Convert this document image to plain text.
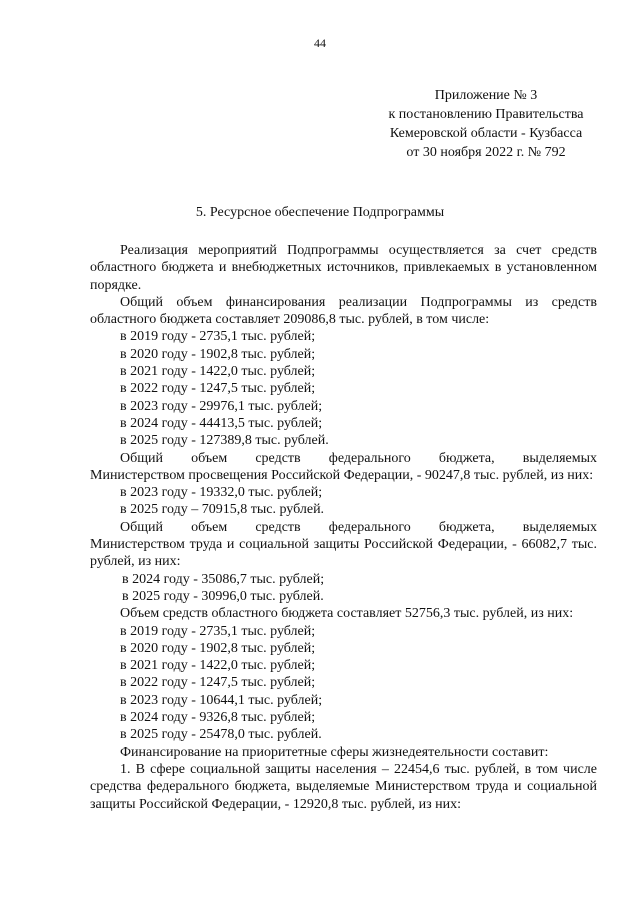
44
Приложение № 3
к постановлению Правительства
Кемеровской области - Кузбасса
от 30 ноября 2022 г. № 792
5. Ресурсное обеспечение Подпрограммы

Реализация мероприятий Подпрограммы осуществляется за счет средств областного бюджета и внебюджетных источников, привлекаемых в установленном порядке.

Общий объем финансирования реализации Подпрограммы из средств областного бюджета составляет 209086,8 тыс. рублей, в том числе:

в 2019 году - 2735,1 тыс. рублей;
в 2020 году - 1902,8 тыс. рублей;
в 2021 году - 1422,0 тыс. рублей;
в 2022 году - 1247,5 тыс. рублей;
в 2023 году - 29976,1 тыс. рублей;
в 2024 году - 44413,5 тыс. рублей;
в 2025 году - 127389,8 тыс. рублей.

Общий объем средств федерального бюджета, выделяемых

Министерством просвещения Российской Федерации, - 90247,8 тыс. рублей, из них:

в 2023 году - 19332,0 тыс. рублей;
в 2025 году – 70915,8 тыс. рублей.

Общий объем средств федерального бюджета, выделяемых

Министерством труда и социальной защиты Российской Федерации, - 66082,7 тыс. рублей, из них:

в 2024 году - 35086,7 тыс. рублей;
в 2025 году - 30996,0 тыс. рублей.

Объем средств областного бюджета составляет 52756,3 тыс. рублей, из них:

в 2019 году - 2735,1 тыс. рублей;
в 2020 году - 1902,8 тыс. рублей;
в 2021 году - 1422,0 тыс. рублей;
в 2022 году - 1247,5 тыс. рублей;
в 2023 году - 10644,1 тыс. рублей;
в 2024 году - 9326,8 тыс. рублей;
в 2025 году - 25478,0 тыс. рублей.

Финансирование на приоритетные сферы жизнедеятельности составит:

1. В сфере социальной защиты населения – 22454,6 тыс. рублей, в том числе средства федерального бюджета, выделяемые Министерством труда и социальной защиты Российской Федерации, - 12920,8 тыс. рублей, из них:
